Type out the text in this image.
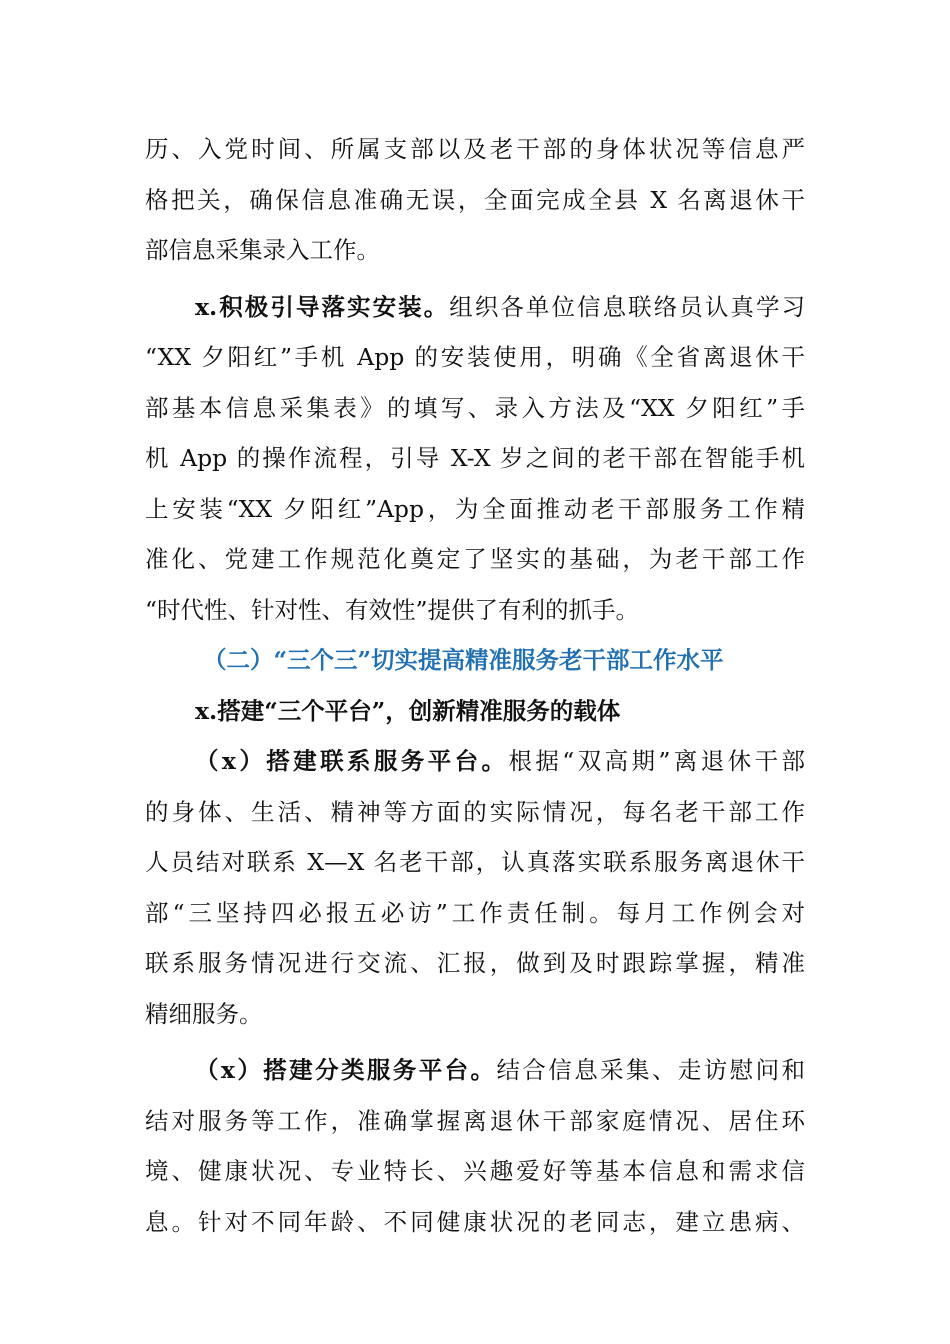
历、入党时间、所属支部以及老干部的身体状况等信息严
格把关，确保信息准确无误，全面完成全县 X 名离退休干
部信息采集录入工作。
x.积极引导落实安装。组织各单位信息联络员认真学习
“XX 夕阳红”手机 App 的安装使用，明确《全省离退休干
部基本信息采集表》的填写、录入方法及“XX 夕阳红”手
机 App 的操作流程，引导 X-X 岁之间的老干部在智能手机
上安装“XX 夕阳红”App，为全面推动老干部服务工作精
准化、党建工作规范化奠定了坚实的基础，为老干部工作
“时代性、针对性、有效性”提供了有利的抓手。
（二）“三个三”切实提高精准服务老干部工作水平
x.搭建“三个平台”，创新精准服务的载体
（x）搭建联系服务平台。根据“双高期”离退休干部
的身体、生活、精神等方面的实际情况，每名老干部工作
人员结对联系 X—X 名老干部，认真落实联系服务离退休干
部“三坚持四必报五必访”工作责任制。每月工作例会对
联系服务情况进行交流、汇报，做到及时跟踪掌握，精准
精细服务。
（x）搭建分类服务平台。结合信息采集、走访慰问和
结对服务等工作，准确掌握离退休干部家庭情况、居住环
境、健康状况、专业特长、兴趣爱好等基本信息和需求信
息。针对不同年龄、不同健康状况的老同志，建立患病、
